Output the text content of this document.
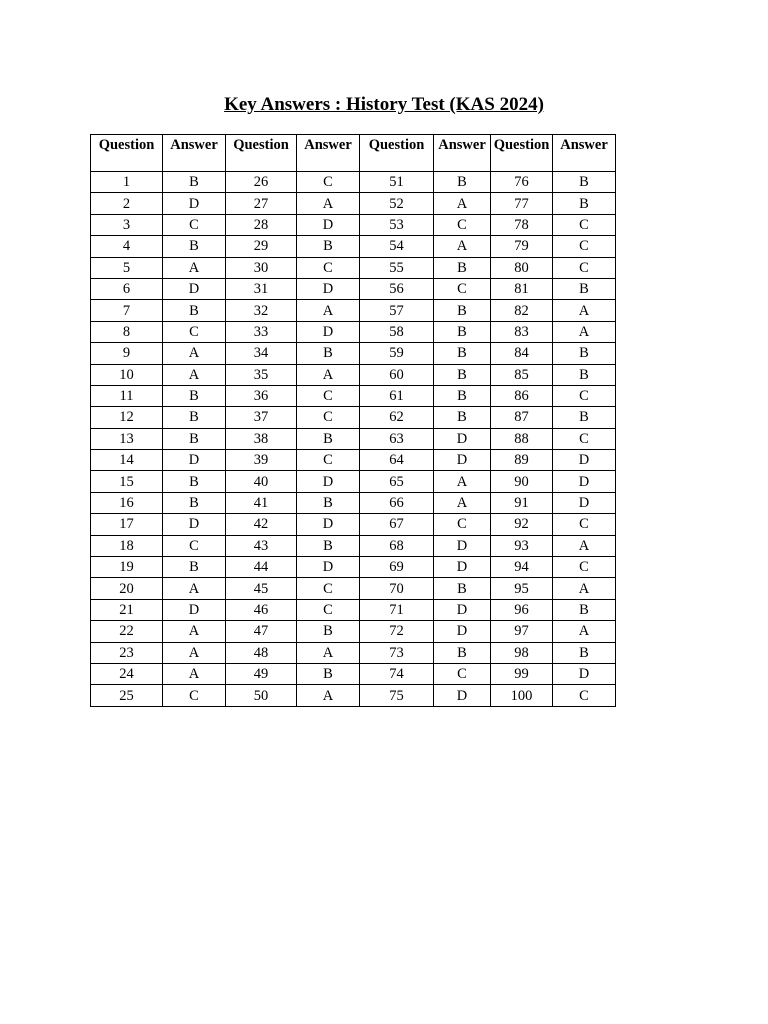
Key Answers : History Test (KAS 2024)
Question	Answer	Question	Answer	Question	Answer	Question	Answer
1	B	26	C	51	B	76	B
2	D	27	A	52	A	77	B
3	C	28	D	53	C	78	C
4	B	29	B	54	A	79	C
5	A	30	C	55	B	80	C
6	D	31	D	56	C	81	B
7	B	32	A	57	B	82	A
8	C	33	D	58	B	83	A
9	A	34	B	59	B	84	B
10	A	35	A	60	B	85	B
11	B	36	C	61	B	86	C
12	B	37	C	62	B	87	B
13	B	38	B	63	D	88	C
14	D	39	C	64	D	89	D
15	B	40	D	65	A	90	D
16	B	41	B	66	A	91	D
17	D	42	D	67	C	92	C
18	C	43	B	68	D	93	A
19	B	44	D	69	D	94	C
20	A	45	C	70	B	95	A
21	D	46	C	71	D	96	B
22	A	47	B	72	D	97	A
23	A	48	A	73	B	98	B
24	A	49	B	74	C	99	D
25	C	50	A	75	D	100	C
